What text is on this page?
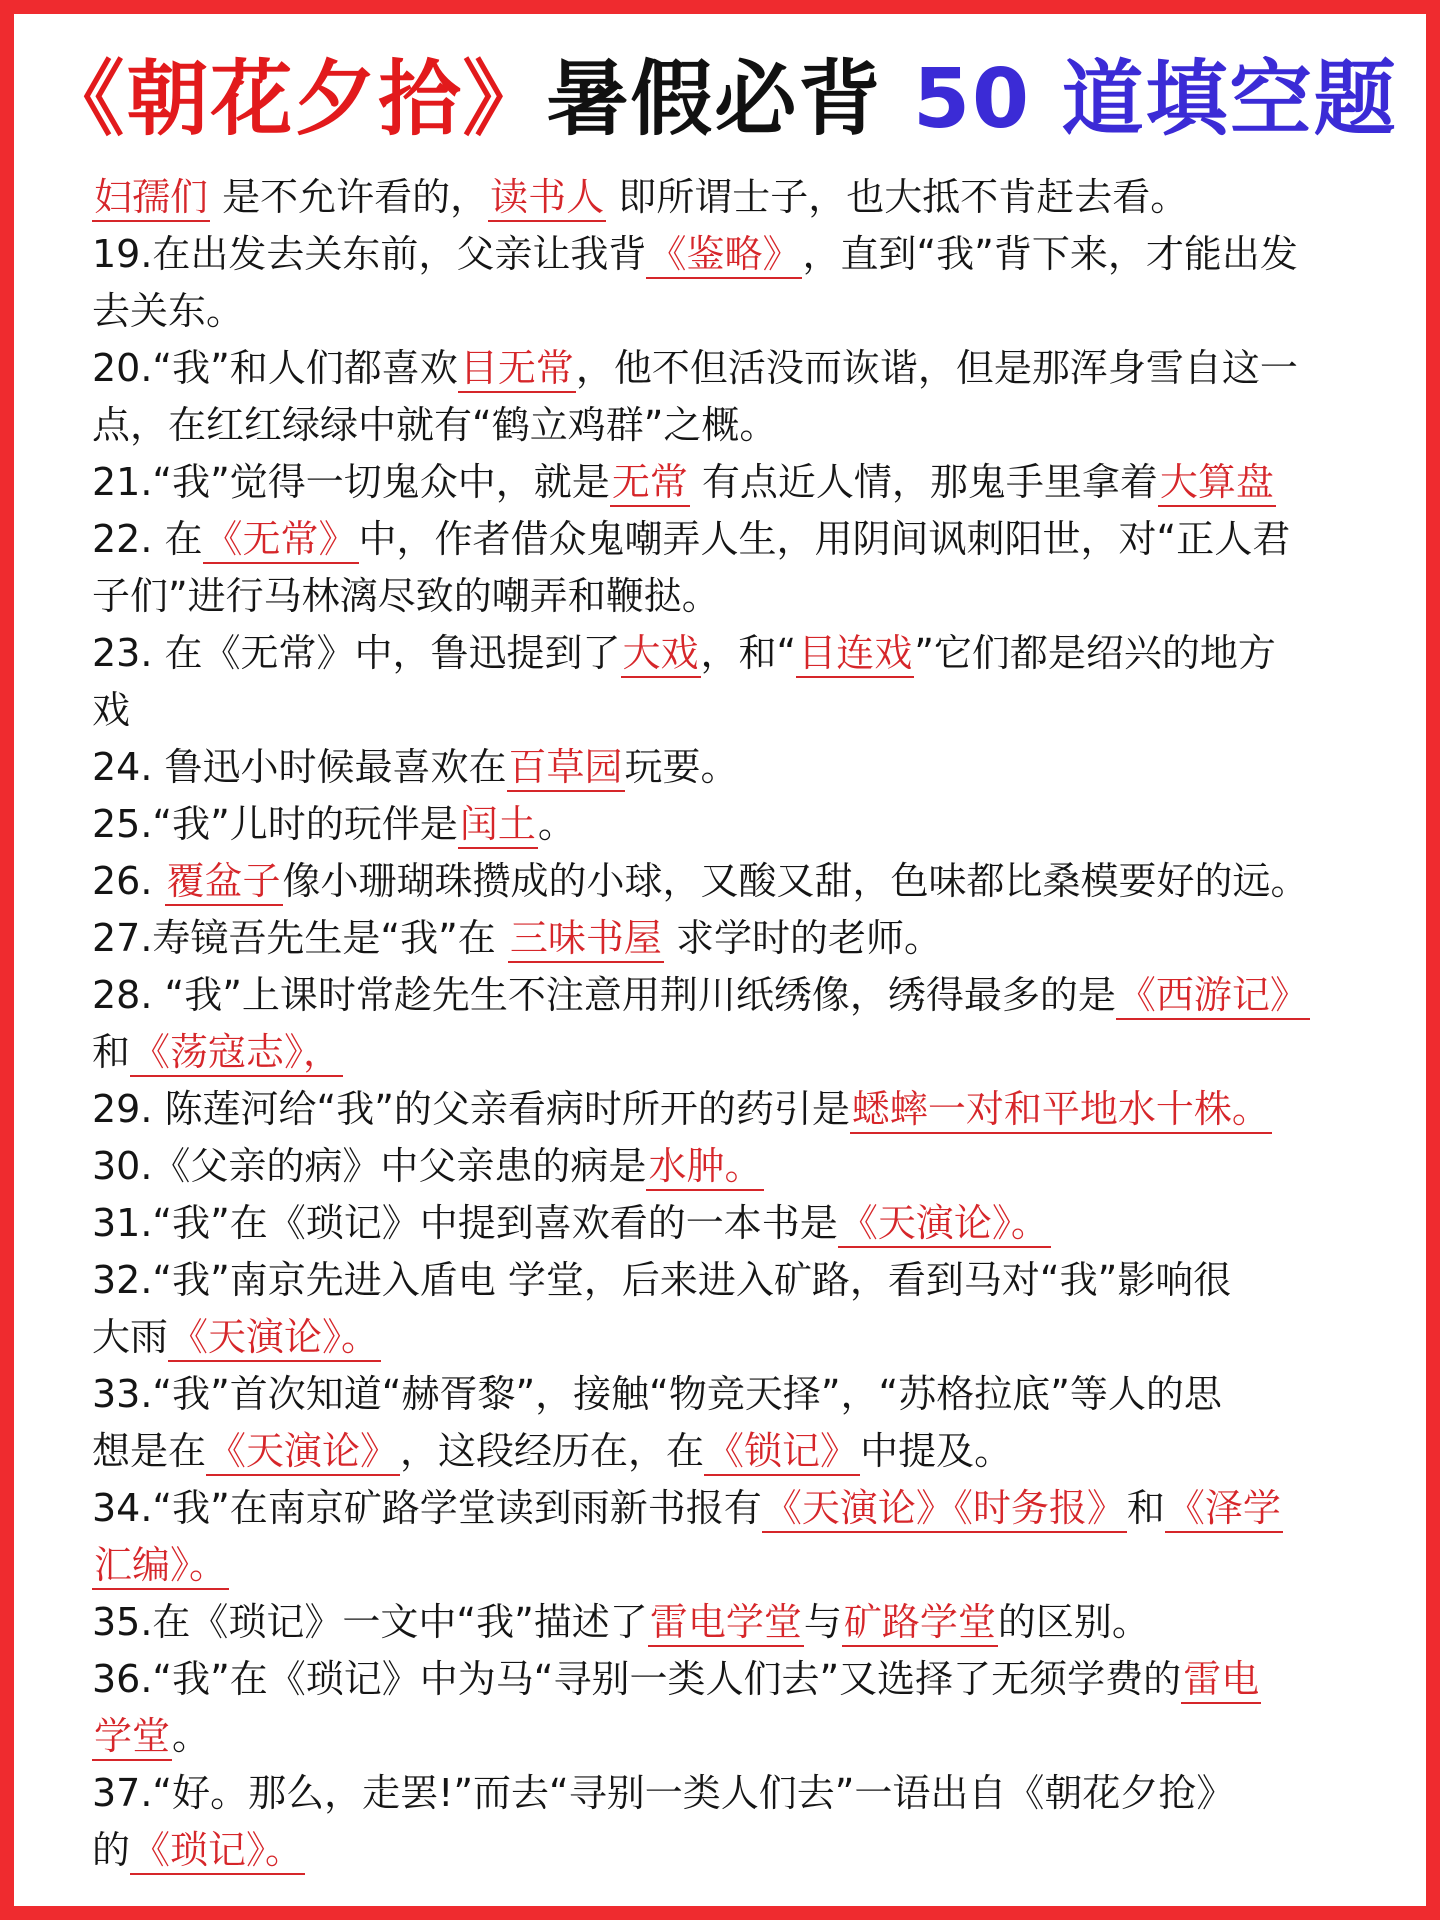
《朝花夕拾》暑假必背 50 道填空题
妇孺们 是不允许看的，读书人 即所谓士子，也大抵不肯赶去看。
19.在出发去关东前，父亲让我背《鉴略》，直到“我”背下来，才能出发
去关东。
20.“我”和人们都喜欢目无常，他不但活没而诙谐，但是那浑身雪自这一
点，在红红绿绿中就有“鹤立鸡群”之概。
21.“我”觉得一切鬼众中，就是无常 有点近人情，那鬼手里拿着大算盘
22. 在《无常》中，作者借众鬼嘲弄人生，用阴间讽刺阳世，对“正人君
子们”进行马林漓尽致的嘲弄和鞭挞。
23. 在《无常》中，鲁迅提到了大戏，和“目连戏”它们都是绍兴的地方
戏
24. 鲁迅小时候最喜欢在百草园玩要。
25.“我”儿时的玩伴是闰土。
26. 覆盆子像小珊瑚珠攒成的小球，又酸又甜，色味都比桑模要好的远。
27.寿镜吾先生是“我”在 三味书屋 求学时的老师。
28. “我”上课时常趁先生不注意用荆川纸绣像，绣得最多的是《西游记》
和《荡寇志》，
29. 陈莲河给“我”的父亲看病时所开的药引是蟋蟀一对和平地水十株。
30.《父亲的病》中父亲患的病是水肿。
31.“我”在《琐记》中提到喜欢看的一本书是《天演论》。
32.“我”南京先进入盾电 学堂，后来进入矿路，看到马对“我”影响很
大雨《天演论》。
33.“我”首次知道“赫胥黎”，接触“物竞天择”，“苏格拉底”等人的思
想是在《天演论》，这段经历在，在《锁记》中提及。
34.“我”在南京矿路学堂读到雨新书报有《天演论》《时务报》和《泽学
汇编》。
35.在《琐记》一文中“我”描述了雷电学堂与矿路学堂的区别。
36.“我”在《琐记》中为马“寻别一类人们去”又选择了无须学费的雷电
学堂。
37.“好。那么，走罢!”而去“寻别一类人们去”一语出自《朝花夕抢》
的《琐记》。
